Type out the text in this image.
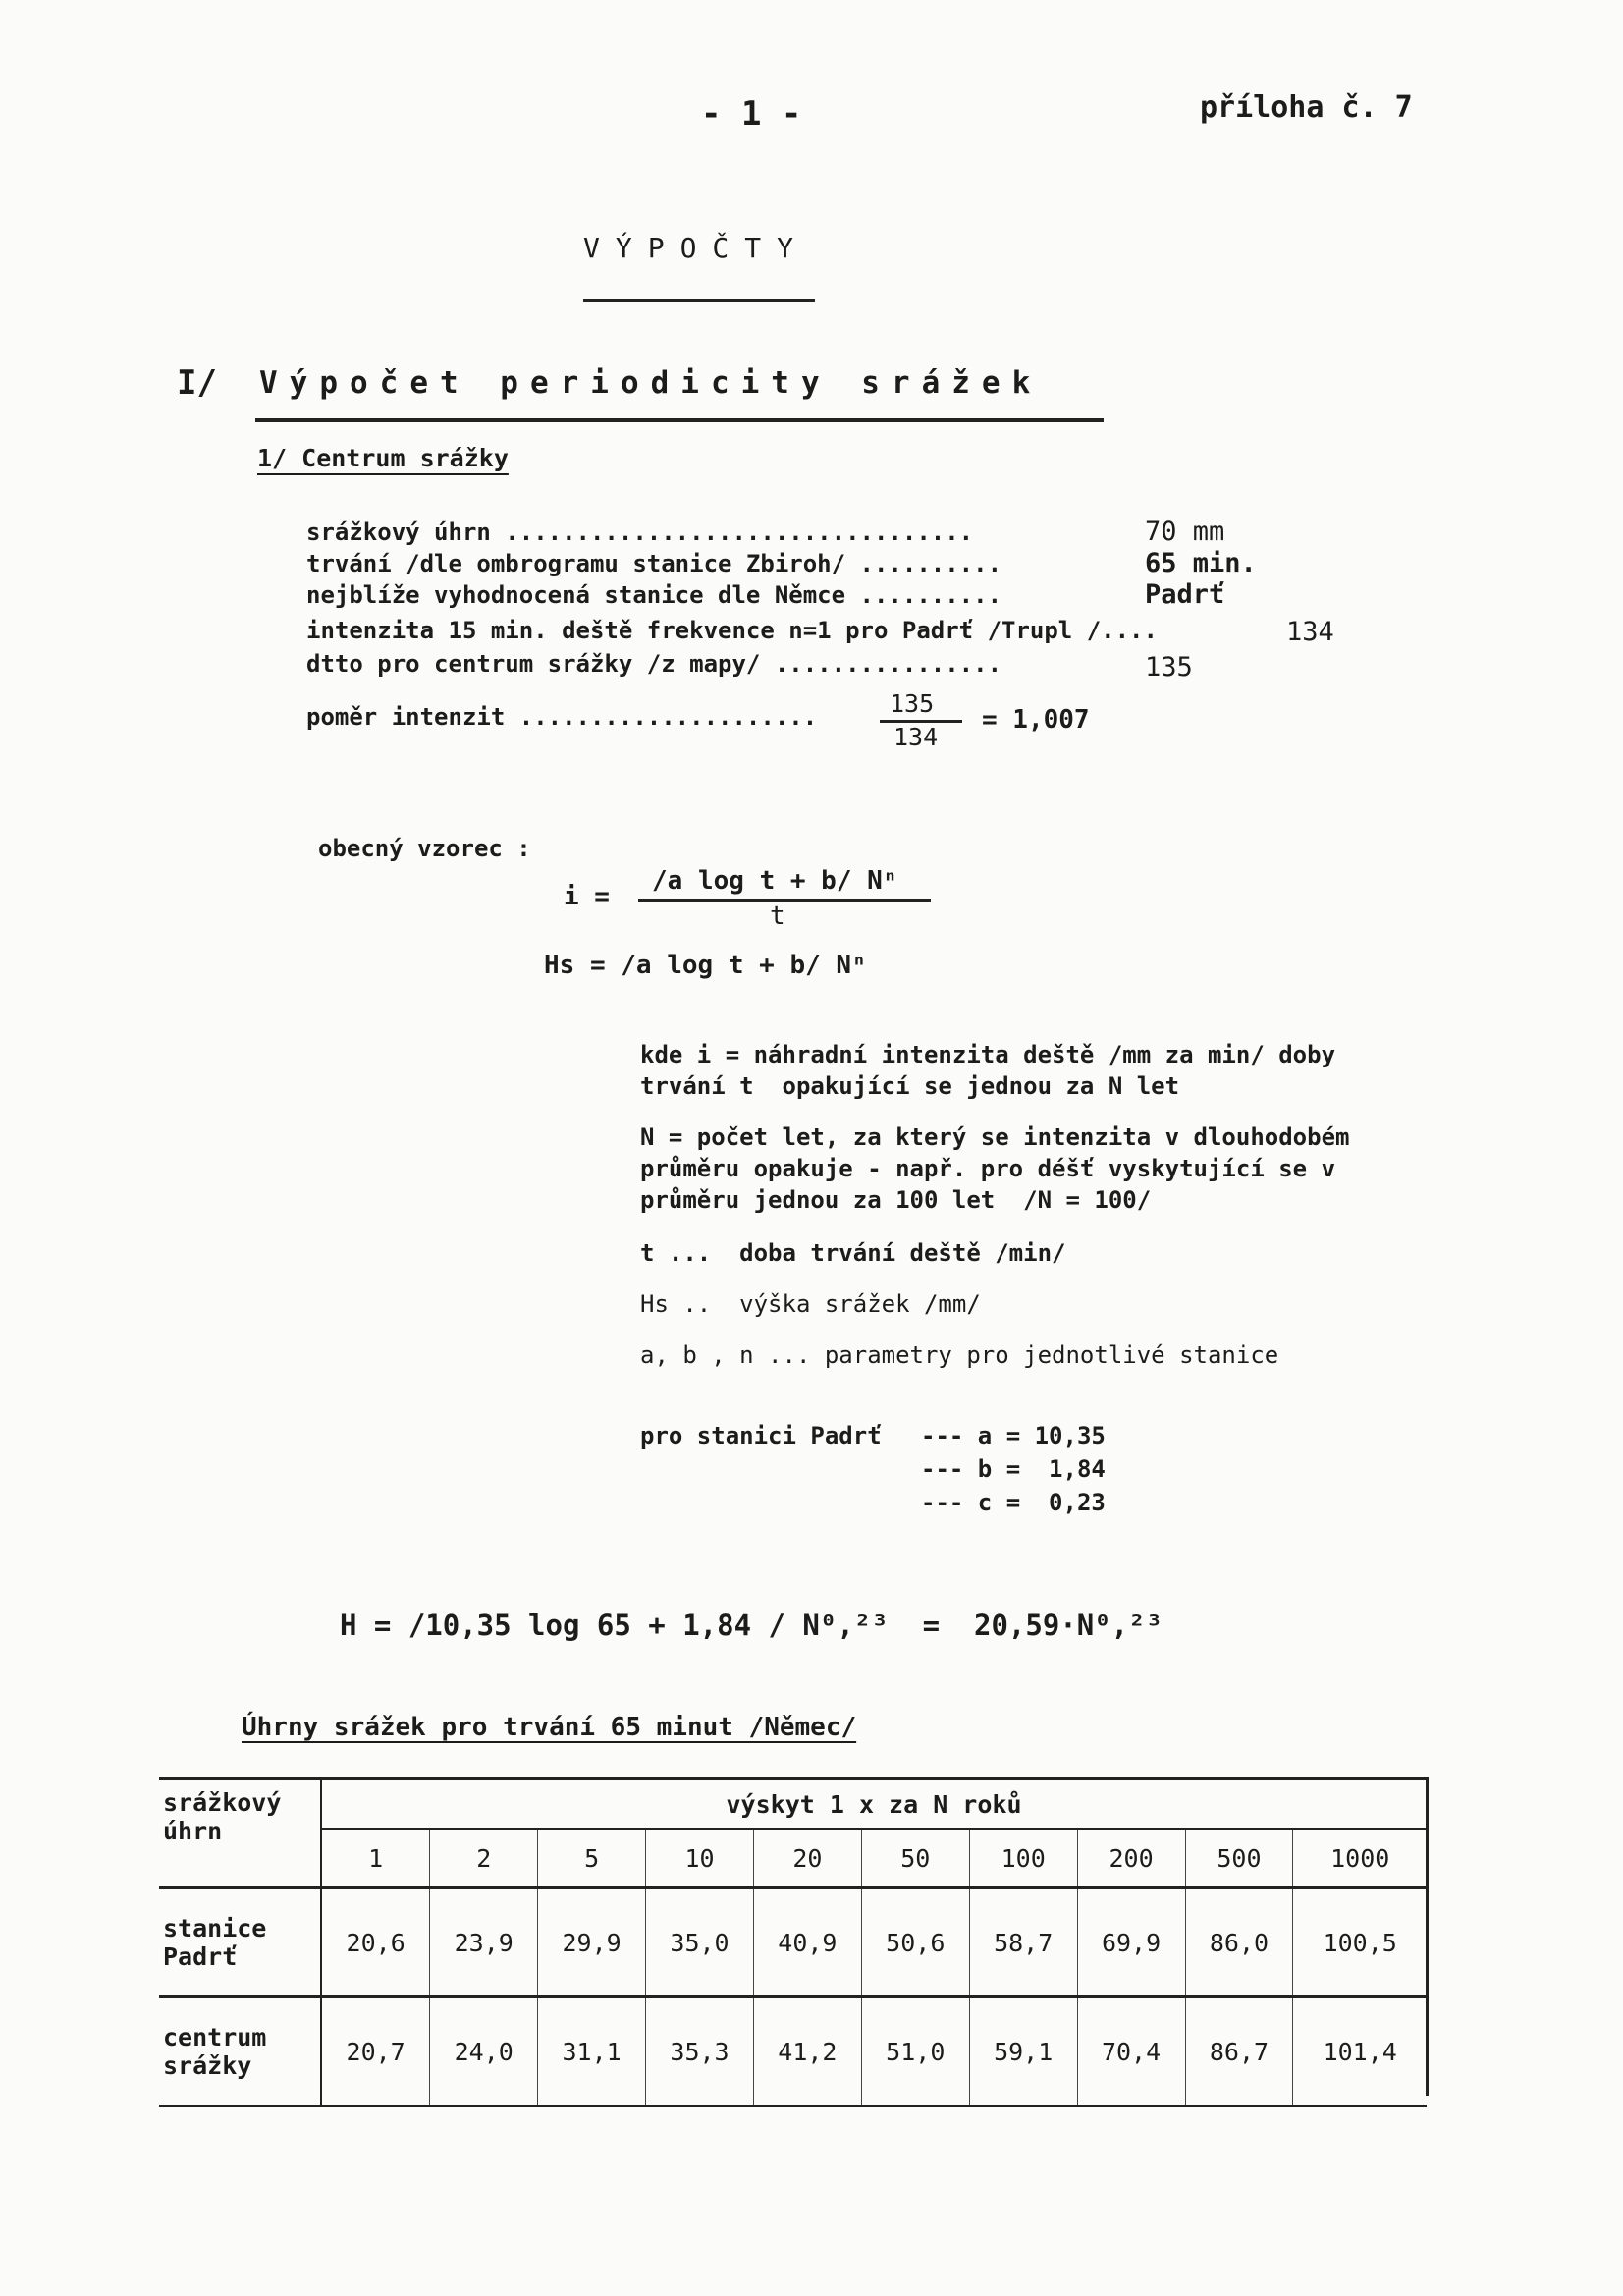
- 1 -	příloha č. 7
VÝPOČTY
I/ Výpočet periodicity srážek
1/ Centrum srážky
srážkový úhrn .................................	70 mm
trvání /dle ombrogramu stanice Zbiroh/ ..........	65 min.
nejblíže vyhodnocená stanice dle Němce ..........	Padrť
intenzita 15 min. deště frekvence n=1 pro Padrť /Trupl /....	134
dtto pro centrum srážky /z mapy/ ................	135
poměr intenzit .....................	135
134
= 1,007
obecný vzorec :
i =
/a log t + b/ Nⁿ
t
Hs = /a log t + b/ Nⁿ
kde i = náhradní intenzita deště /mm za min/ doby
trvání t  opakující se jednou za N let
N = počet let, za který se intenzita v dlouhodobém
průměru opakuje - např. pro déšť vyskytující se v
průměru jednou za 100 let  /N = 100/
t ...  doba trvání deště /min/
Hs ..  výška srážek /mm/
a, b , n ... parametry pro jednotlivé stanice
pro stanici Padrť --- a = 10,35
--- b =  1,84
--- c =  0,23
H = /10,35 log 65 + 1,84 / N⁰,²³  =  20,59·N⁰,²³
Úhrny srážek pro trvání 65 minut /Němec/
srážkový
úhrn	výskyt 1 x za N roků									
	1	2	5	10	20	50	100	200	500	1000

stanice
Padrť	20,6	23,9	29,9	35,0	40,9	50,6	58,7	69,9	86,0	100,5

centrum
srážky	20,7	24,0	31,1	35,3	41,2	51,0	59,1	70,4	86,7	101,4
